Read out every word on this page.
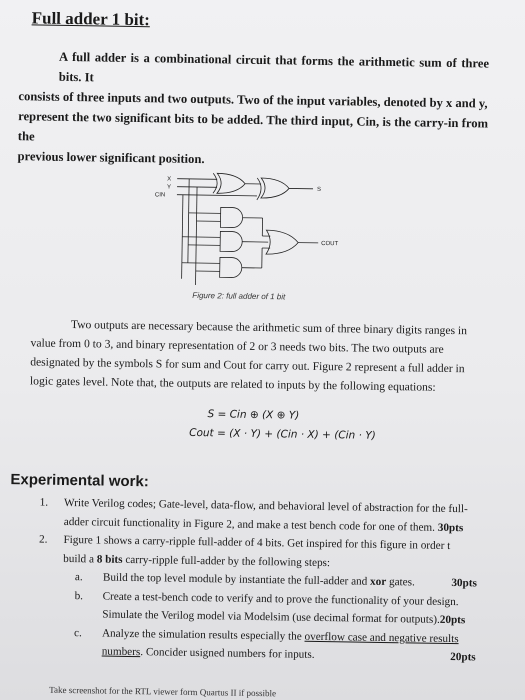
Full adder 1 bit:
A full adder is a combinational circuit that forms the arithmetic sum of three bits. It
consists of three inputs and two outputs. Two of the input variables, denoted by x and y,
represent the two significant bits to be added. The third input, Cin, is the carry-in from the
previous lower significant position.
X
Y
CIN
S
COUT
Figure 2: full adder of 1 bit
Two outputs are necessary because the arithmetic sum of three binary digits ranges in
value from 0 to 3, and binary representation of 2 or 3 needs two bits. The two outputs are
designated by the symbols S for sum and Cout for carry out. Figure 2 represent a full adder in
logic gates level. Note that, the outputs are related to inputs by the following equations:
S = Cin ⊕ (X ⊕ Y)
Cout = (X · Y) + (Cin · X) + (Cin · Y)
Experimental work:
1. Write Verilog codes; Gate-level, data-flow, and behavioral level of abstraction for the full-
adder circuit functionality in Figure 2, and make a test bench code for one of them. 30pts
2. Figure 1 shows a carry-ripple full-adder of 4 bits. Get inspired for this figure in order t
build a 8 bits carry-ripple full-adder by the following steps:
a.	30pts
Build the top level module by instantiate the full-adder and xor gates.
b. Create a test-bench code to verify and to prove the functionality of your design.
Simulate the Verilog model via Modelsim (use decimal format for outputs).20pts
c. Analyze the simulation results especially the overflow case and negative results
20pts
numbers. Concider usigned numbers for inputs.
Take screenshot for the RTL viewer form Quartus II if possible
